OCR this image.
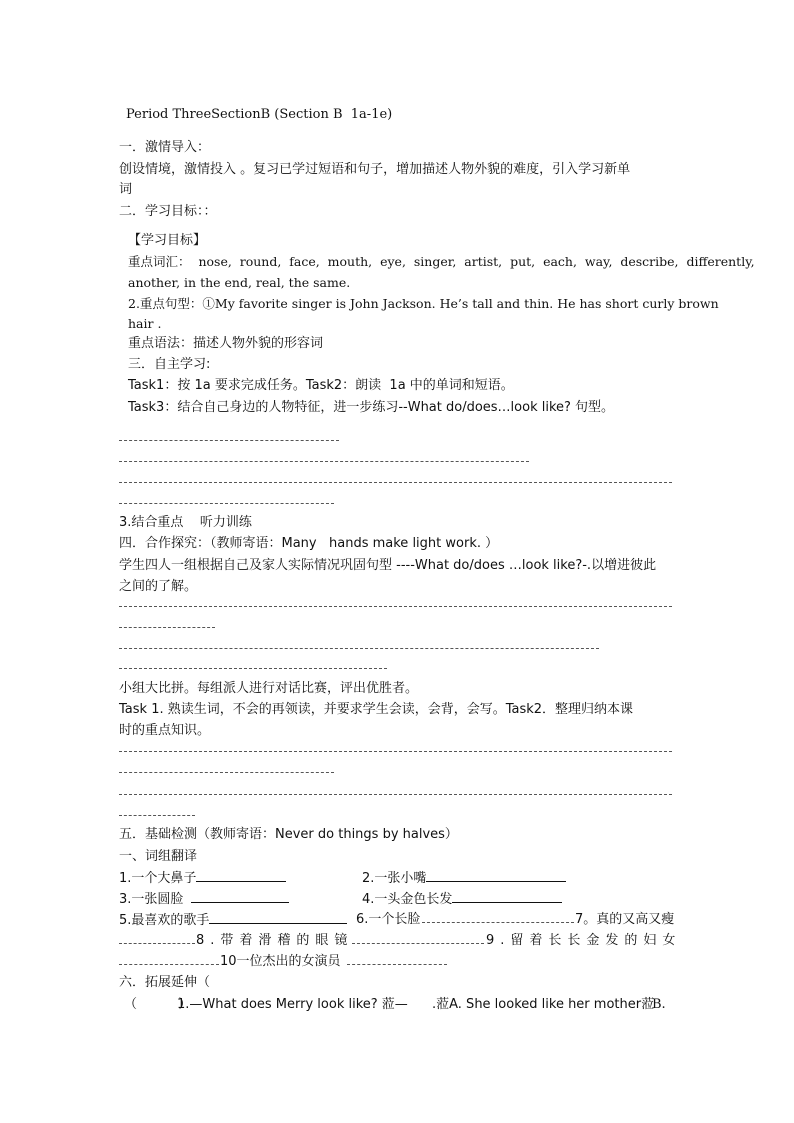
Period ThreeSectionB (Section B  1a-1e)
一．激情导入：
创设情境，激情投入 。复习已学过短语和句子，增加描述人物外貌的难度，引入学习新单
词
二．学习目标：：
【学习目标】
重点词汇：  nose,  round,  face,  mouth,  eye,  singer,  artist,  put,  each,  way,  describe,  differently,
another, in the end, real, the same.
2.重点句型：①My favorite singer is John Jackson. He’s tall and thin. He has short curly brown
hair .
重点语法：描述人物外貌的形容词
三．自主学习:
Task1：按 1a 要求完成任务。Task2：朗读  1a 中的单词和短语。
Task3：结合自己身边的人物特征，进一步练习--What do/does…look like? 句型。
3.结合重点    听力训练
四．合作探究：（教师寄语：Many   hands make light work. ）
学生四人一组根据自己及家人实际情况巩固句型 ----What do/does …look like?-.以增进彼此
之间的了解。
小组大比拼。每组派人进行对话比赛，评出优胜者。
Task 1. 熟读生词，不会的再领读，并要求学生会读，会背，会写。Task2．整理归纳本课
时的重点知识。
五．基础检测（教师寄语：Never do things by halves）
一、词组翻译
1.一个大鼻子	2.一张小嘴
3.一张圆脸	4.一头金色长发
5.最喜欢的歌手	6.一个长脸	7。真的又高又瘦
8.带着滑稽的眼镜	9.留着长长金发的妇女
10一位杰出的女演员
六．拓展延伸（
（          ）
1.—What does Merry look like? 蒞— .蒞A. She looked like her mother蒞
B.
